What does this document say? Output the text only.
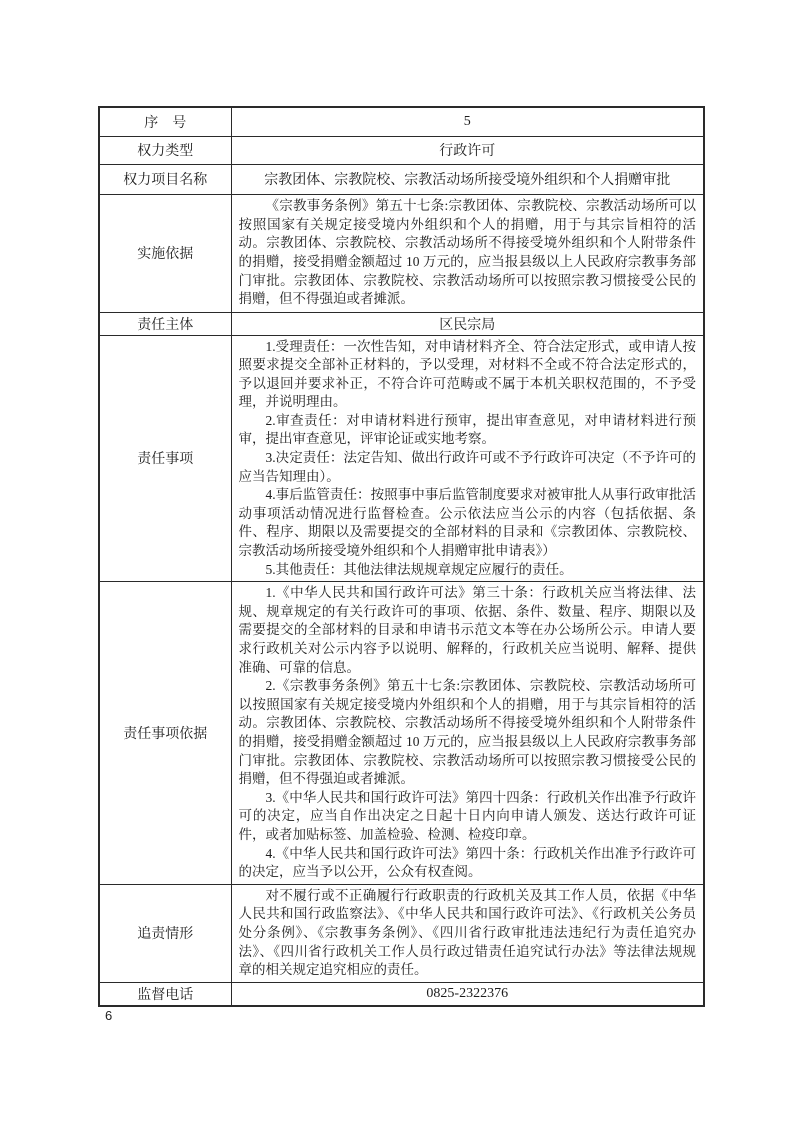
序　号	5
权力类型	行政许可
权力项目名称	宗教团体、宗教院校、宗教活动场所接受境外组织和个人捐赠审批
实施依据	《宗教事务条例》第五十七条:宗教团体、宗教院校、宗教活动场所可以按照国家有关规定接受境内外组织和个人的捐赠，用于与其宗旨相符的活动。宗教团体、宗教院校、宗教活动场所不得接受境外组织和个人附带条件的捐赠，接受捐赠金额超过 10 万元的，应当报县级以上人民政府宗教事务部门审批。宗教团体、宗教院校、宗教活动场所可以按照宗教习惯接受公民的捐赠，但不得强迫或者摊派。

责任主体	区民宗局
责任事项	1.受理责任：一次性告知，对申请材料齐全、符合法定形式，或申请人按照要求提交全部补正材料的，予以受理，对材料不全或不符合法定形式的，予以退回并要求补正，不符合许可范畴或不属于本机关职权范围的，不予受理，并说明理由。

2.审查责任：对申请材料进行预审，提出审查意见，对申请材料进行预审，提出审查意见，评审论证或实地考察。

3.决定责任：法定告知、做出行政许可或不予行政许可决定（不予许可的应当告知理由）。

4.事后监管责任：按照事中事后监管制度要求对被审批人从事行政审批活动事项活动情况进行监督检查。公示依法应当公示的内容（包括依据、条件、程序、期限以及需要提交的全部材料的目录和《宗教团体、宗教院校、宗教活动场所接受境外组织和个人捐赠审批申请表》）

5.其他责任：其他法律法规规章规定应履行的责任。

责任事项依据	1.《中华人民共和国行政许可法》第三十条：行政机关应当将法律、法规、规章规定的有关行政许可的事项、依据、条件、数量、程序、期限以及需要提交的全部材料的目录和申请书示范文本等在办公场所公示。申请人要求行政机关对公示内容予以说明、解释的，行政机关应当说明、解释、提供准确、可靠的信息。

2.《宗教事务条例》第五十七条:宗教团体、宗教院校、宗教活动场所可以按照国家有关规定接受境内外组织和个人的捐赠，用于与其宗旨相符的活动。宗教团体、宗教院校、宗教活动场所不得接受境外组织和个人附带条件的捐赠，接受捐赠金额超过 10 万元的，应当报县级以上人民政府宗教事务部门审批。宗教团体、宗教院校、宗教活动场所可以按照宗教习惯接受公民的捐赠，但不得强迫或者摊派。

3.《中华人民共和国行政许可法》第四十四条：行政机关作出准予行政许可的决定，应当自作出决定之日起十日内向申请人颁发、送达行政许可证件，或者加贴标签、加盖检验、检测、检疫印章。

4.《中华人民共和国行政许可法》第四十条：行政机关作出准予行政许可的决定，应当予以公开，公众有权查阅。

追责情形	对不履行或不正确履行行政职责的行政机关及其工作人员，依据《中华人民共和国行政监察法》、《中华人民共和国行政许可法》、《行政机关公务员处分条例》、《宗教事务条例》、《四川省行政审批违法违纪行为责任追究办法》、《四川省行政机关工作人员行政过错责任追究试行办法》等法律法规规章的相关规定追究相应的责任。

监督电话	0825-2322376
6
